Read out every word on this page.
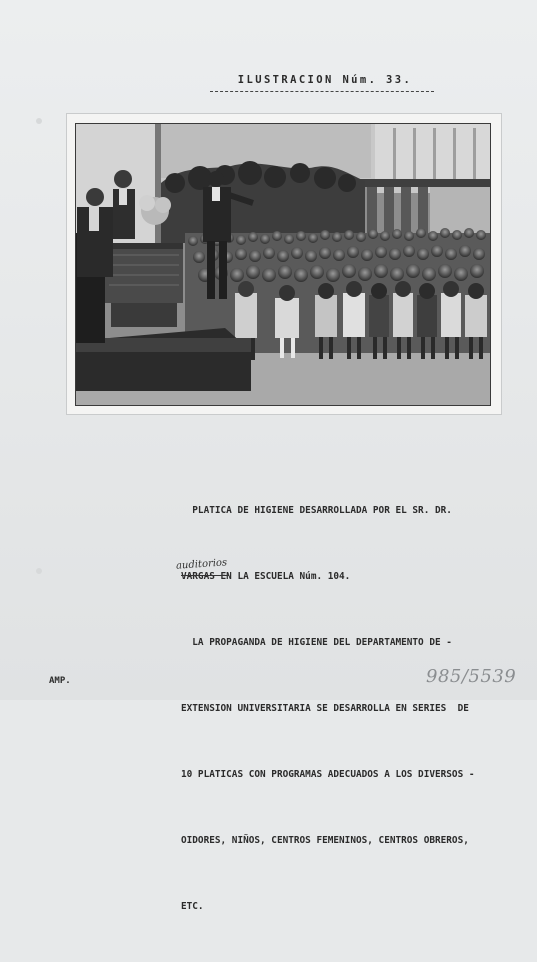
ILUSTRACION Núm. 33.

PLATICA DE HIGIENE DESARROLLADA POR EL SR. DR.

VARGAS EN LA ESCUELA Núm. 104.

LA PROPAGANDA DE HIGIENE DEL DEPARTAMENTO DE -

EXTENSION UNIVERSITARIA SE DESARROLLA EN SERIES  DE

10 PLATICAS CON PROGRAMAS ADECUADOS A LOS DIVERSOS -

OIDORES, NIÑOS, CENTROS FEMENINOS, CENTROS OBREROS,

ETC.

auditorios
AMP.	985/5539
